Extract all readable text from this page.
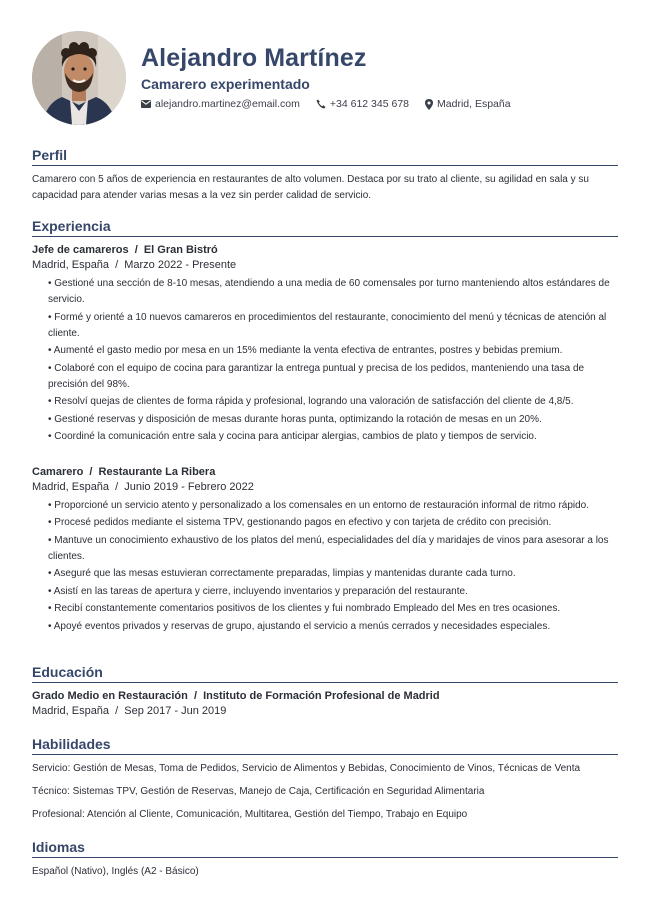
Alejandro Martínez
Camarero experimentado
alejandro.martinez@email.com	+34 612 345 678	Madrid, España
Perfil
Camarero con 5 años de experiencia en restaurantes de alto volumen. Destaca por su trato al cliente, su agilidad en sala y su capacidad para atender varias mesas a la vez sin perder calidad de servicio.
Experiencia
Jefe de camareros / El Gran Bistró
Madrid, España / Marzo 2022 - Presente
• Gestioné una sección de 8-10 mesas, atendiendo a una media de 60 comensales por turno manteniendo altos estándares de servicio.
• Formé y orienté a 10 nuevos camareros en procedimientos del restaurante, conocimiento del menú y técnicas de atención al cliente.
• Aumenté el gasto medio por mesa en un 15% mediante la venta efectiva de entrantes, postres y bebidas premium.
• Colaboré con el equipo de cocina para garantizar la entrega puntual y precisa de los pedidos, manteniendo una tasa de precisión del 98%.
• Resolví quejas de clientes de forma rápida y profesional, logrando una valoración de satisfacción del cliente de 4,8/5.
• Gestioné reservas y disposición de mesas durante horas punta, optimizando la rotación de mesas en un 20%.
• Coordiné la comunicación entre sala y cocina para anticipar alergias, cambios de plato y tiempos de servicio.
Camarero / Restaurante La Ribera
Madrid, España / Junio 2019 - Febrero 2022
• Proporcioné un servicio atento y personalizado a los comensales en un entorno de restauración informal de ritmo rápido.
• Procesé pedidos mediante el sistema TPV, gestionando pagos en efectivo y con tarjeta de crédito con precisión.
• Mantuve un conocimiento exhaustivo de los platos del menú, especialidades del día y maridajes de vinos para asesorar a los clientes.
• Aseguré que las mesas estuvieran correctamente preparadas, limpias y mantenidas durante cada turno.
• Asistí en las tareas de apertura y cierre, incluyendo inventarios y preparación del restaurante.
• Recibí constantemente comentarios positivos de los clientes y fui nombrado Empleado del Mes en tres ocasiones.
• Apoyé eventos privados y reservas de grupo, ajustando el servicio a menús cerrados y necesidades especiales.
Educación
Grado Medio en Restauración / Instituto de Formación Profesional de Madrid
Madrid, España / Sep 2017 - Jun 2019
Habilidades
Servicio: Gestión de Mesas, Toma de Pedidos, Servicio de Alimentos y Bebidas, Conocimiento de Vinos, Técnicas de Venta
Técnico: Sistemas TPV, Gestión de Reservas, Manejo de Caja, Certificación en Seguridad Alimentaria
Profesional: Atención al Cliente, Comunicación, Multitarea, Gestión del Tiempo, Trabajo en Equipo
Idiomas
Español (Nativo), Inglés (A2 - Básico)
